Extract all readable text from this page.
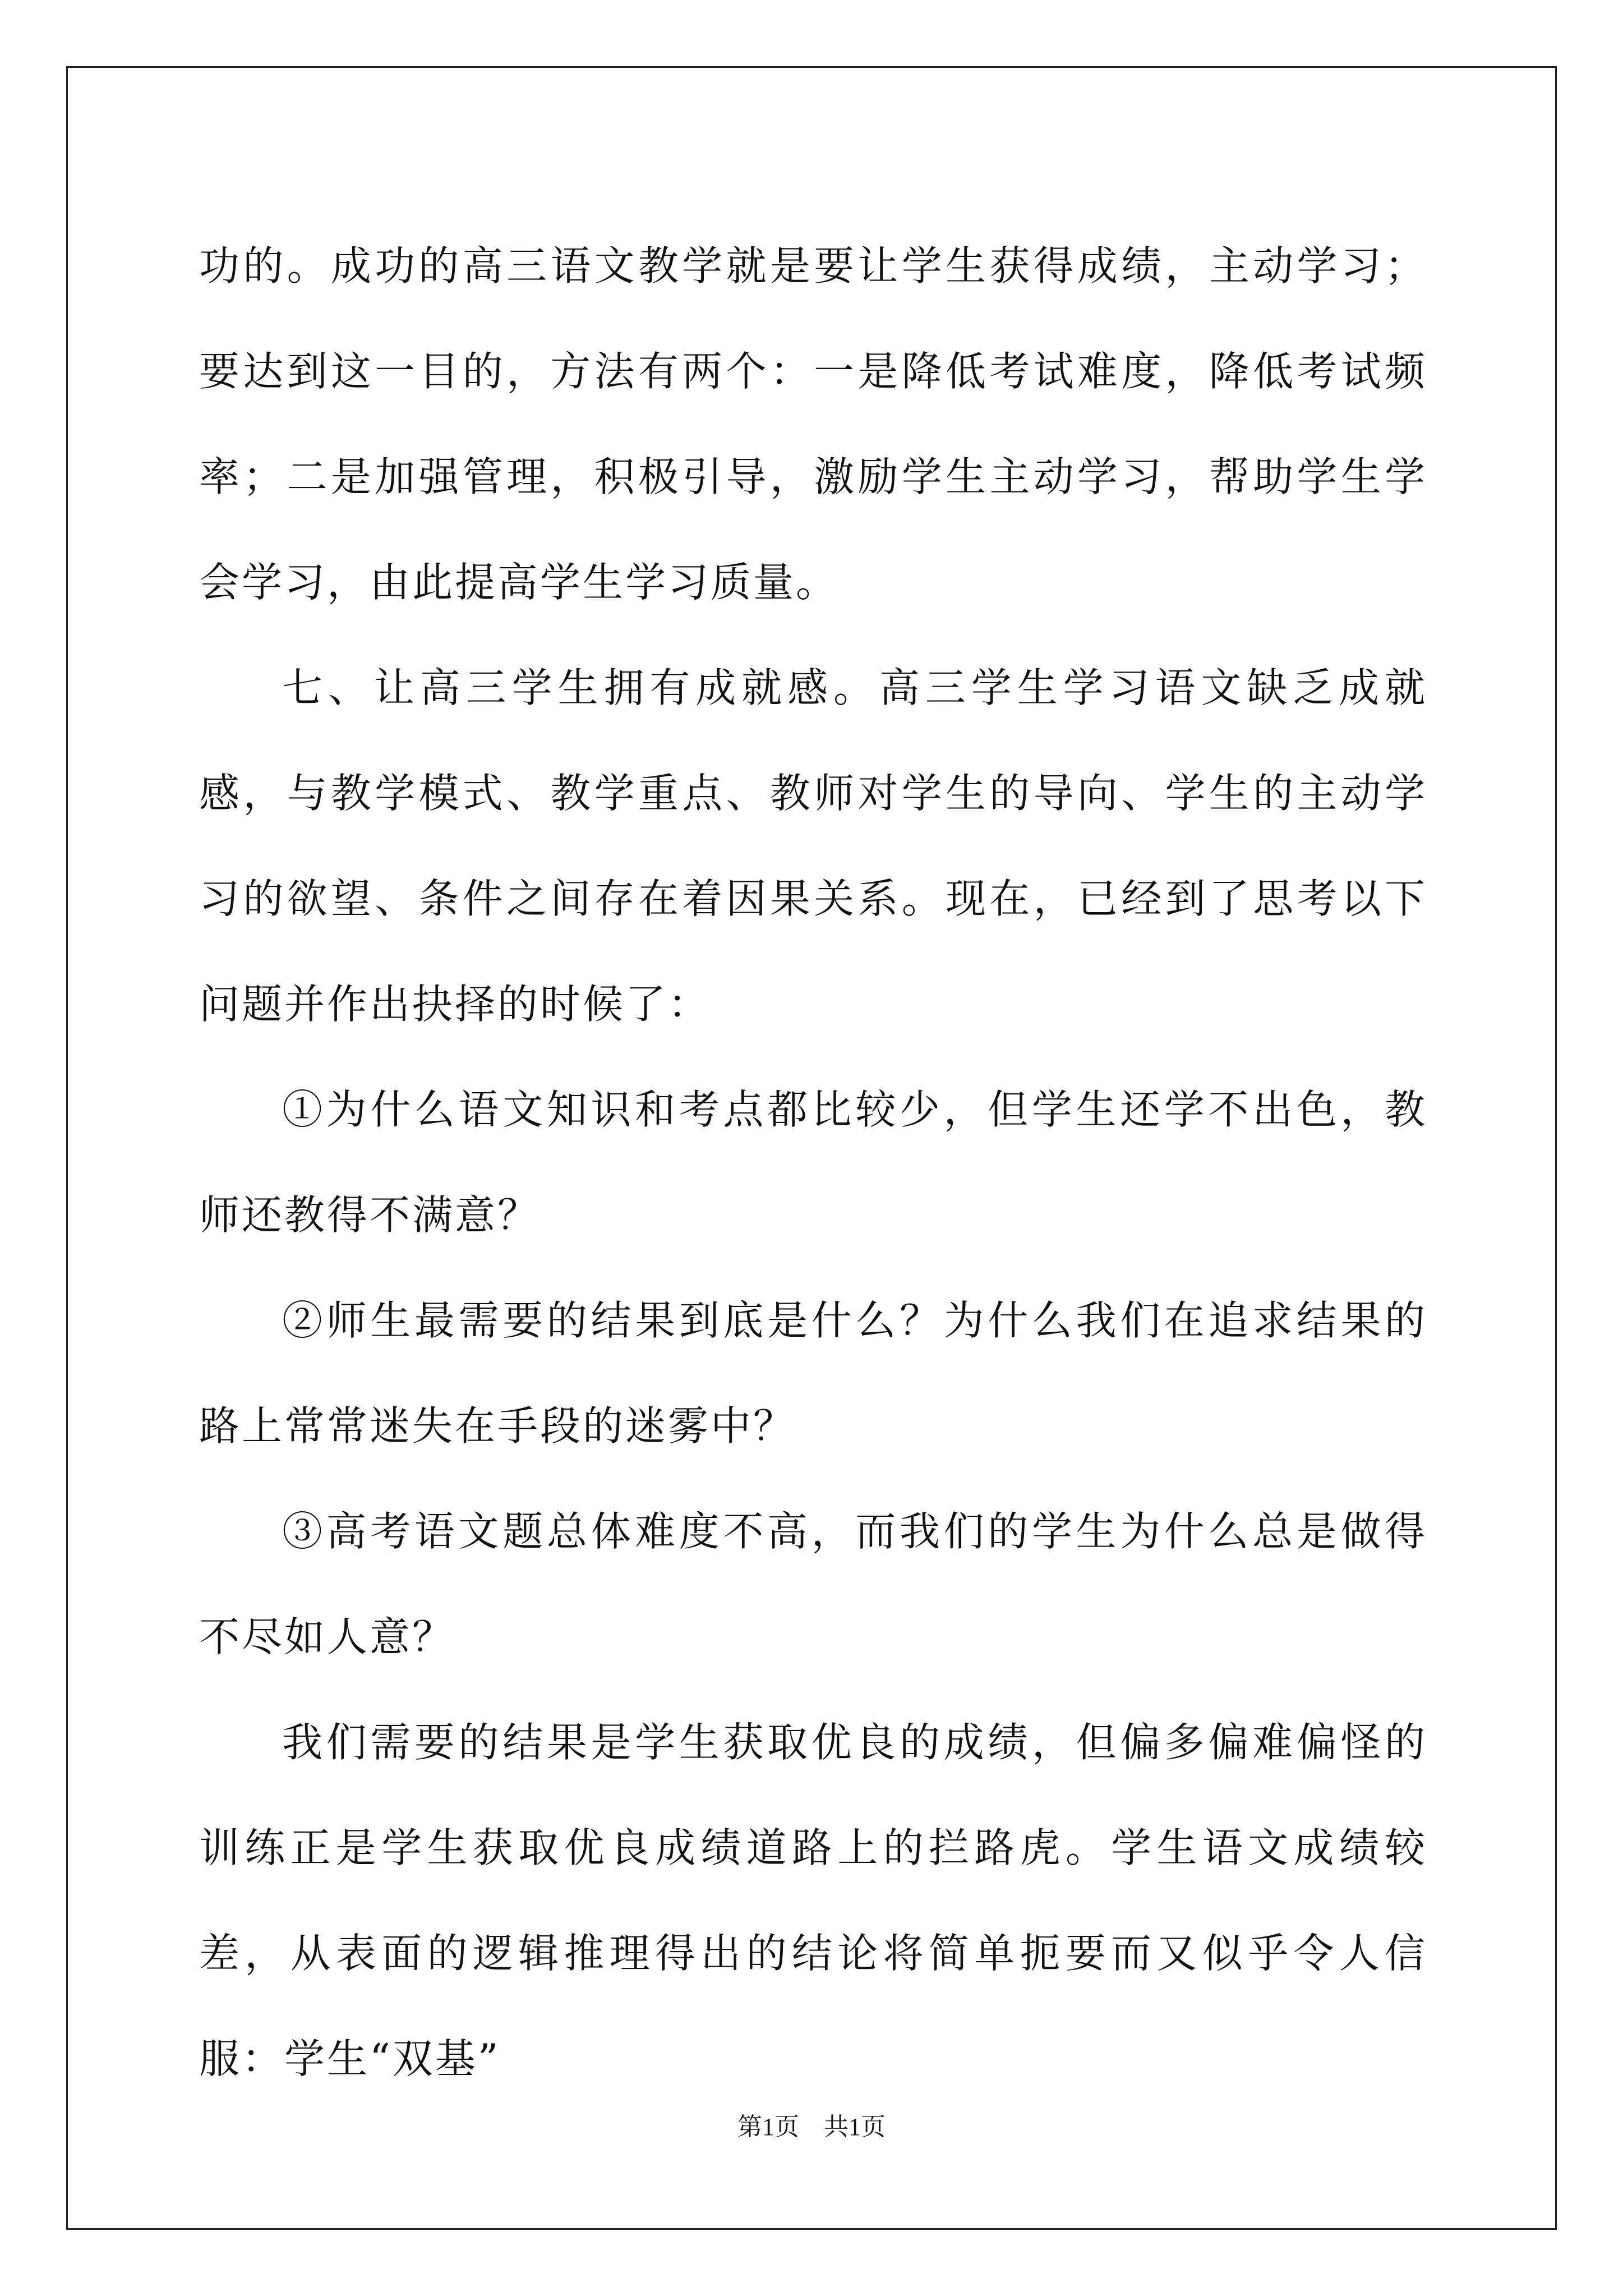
功的。成功的高三语文教学就是要让学生获得成绩，主动学习；要达到这一目的，方法有两个：一是降低考试难度，降低考试频率；二是加强管理，积极引导，激励学生主动学习，帮助学生学会学习，由此提高学生学习质量。

七、让高三学生拥有成就感。高三学生学习语文缺乏成就感，与教学模式、教学重点、教师对学生的导向、学生的主动学习的欲望、条件之间存在着因果关系。现在，已经到了思考以下问题并作出抉择的时候了：

①为什么语文知识和考点都比较少，但学生还学不出色，教师还教得不满意？

②师生最需要的结果到底是什么？为什么我们在追求结果的路上常常迷失在手段的迷雾中？

③高考语文题总体难度不高，而我们的学生为什么总是做得不尽如人意？

我们需要的结果是学生获取优良的成绩，但偏多偏难偏怪的训练正是学生获取优良成绩道路上的拦路虎。学生语文成绩较差，从表面的逻辑推理得出的结论将简单扼要而又似乎令人信服：学生“双基”

第1页　共1页
